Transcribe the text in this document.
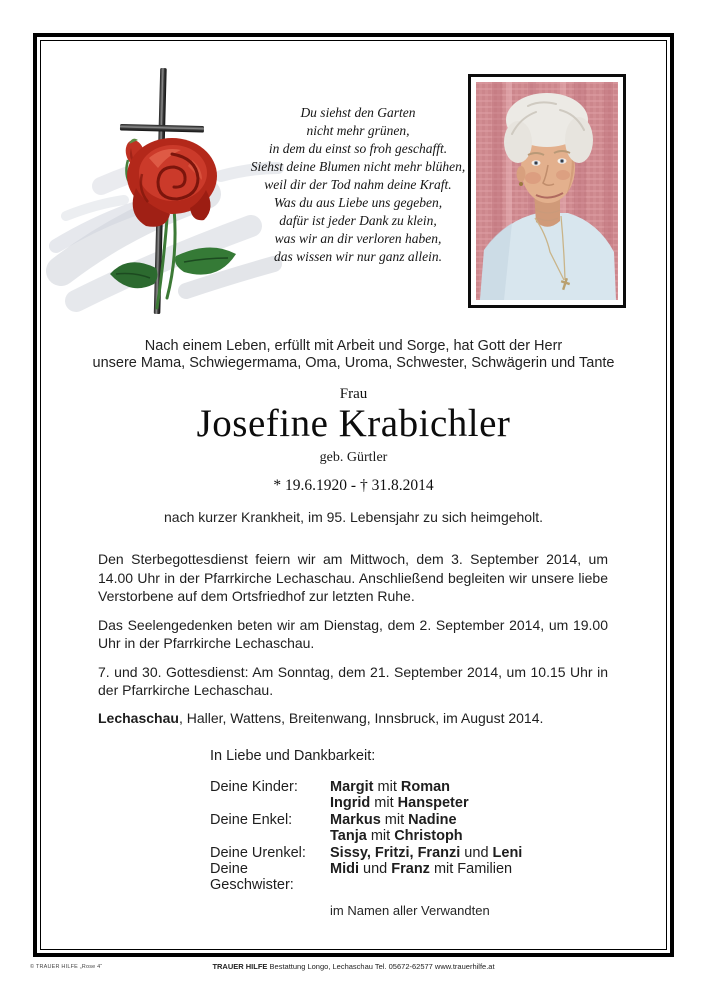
Du siehst den Garten
nicht mehr grünen,
in dem du einst so froh geschafft.
Siehst deine Blumen nicht mehr blühen,
weil dir der Tod nahm deine Kraft.
Was du aus Liebe uns gegeben,
dafür ist jeder Dank zu klein,
was wir an dir verloren haben,
das wissen wir nur ganz allein.
Nach einem Leben, erfüllt mit Arbeit und Sorge, hat Gott der Herr
unsere Mama, Schwiegermama, Oma, Uroma, Schwester, Schwägerin und Tante
Frau
Josefine Krabichler
geb. Gürtler
* 19.6.1920 - † 31.8.2014
nach kurzer Krankheit, im 95. Lebensjahr zu sich heimgeholt.

Den Sterbegottesdienst feiern wir am Mittwoch, dem 3. September 2014, um 14.00 Uhr in der Pfarrkirche Lechaschau. Anschließend begleiten wir unsere liebe Verstorbene auf dem Ortsfriedhof zur letzten Ruhe.

Das Seelengedenken beten wir am Dienstag, dem 2. September 2014, um 19.00 Uhr in der Pfarrkirche Lechaschau.

7. und 30. Gottesdienst: Am Sonntag, dem 21. September 2014, um 10.15 Uhr in der Pfarrkirche Lechaschau.

Lechaschau, Haller, Wattens, Breitenwang, Innsbruck, im August 2014.
In Liebe und Dankbarkeit:
Deine Kinder:	Margit mit Roman
Ingrid mit Hanspeter
Deine Enkel:	Markus mit Nadine
Tanja mit Christoph
Deine Urenkel:	Sissy, Fritzi, Franzi und Leni
Deine Geschwister:
Midi und Franz mit Familien
im Namen aller Verwandten
© TRAUER HILFE „Rose 4“	TRAUER HILFE Bestattung Longo, Lechaschau Tel. 05672-62577 www.trauerhilfe.at
